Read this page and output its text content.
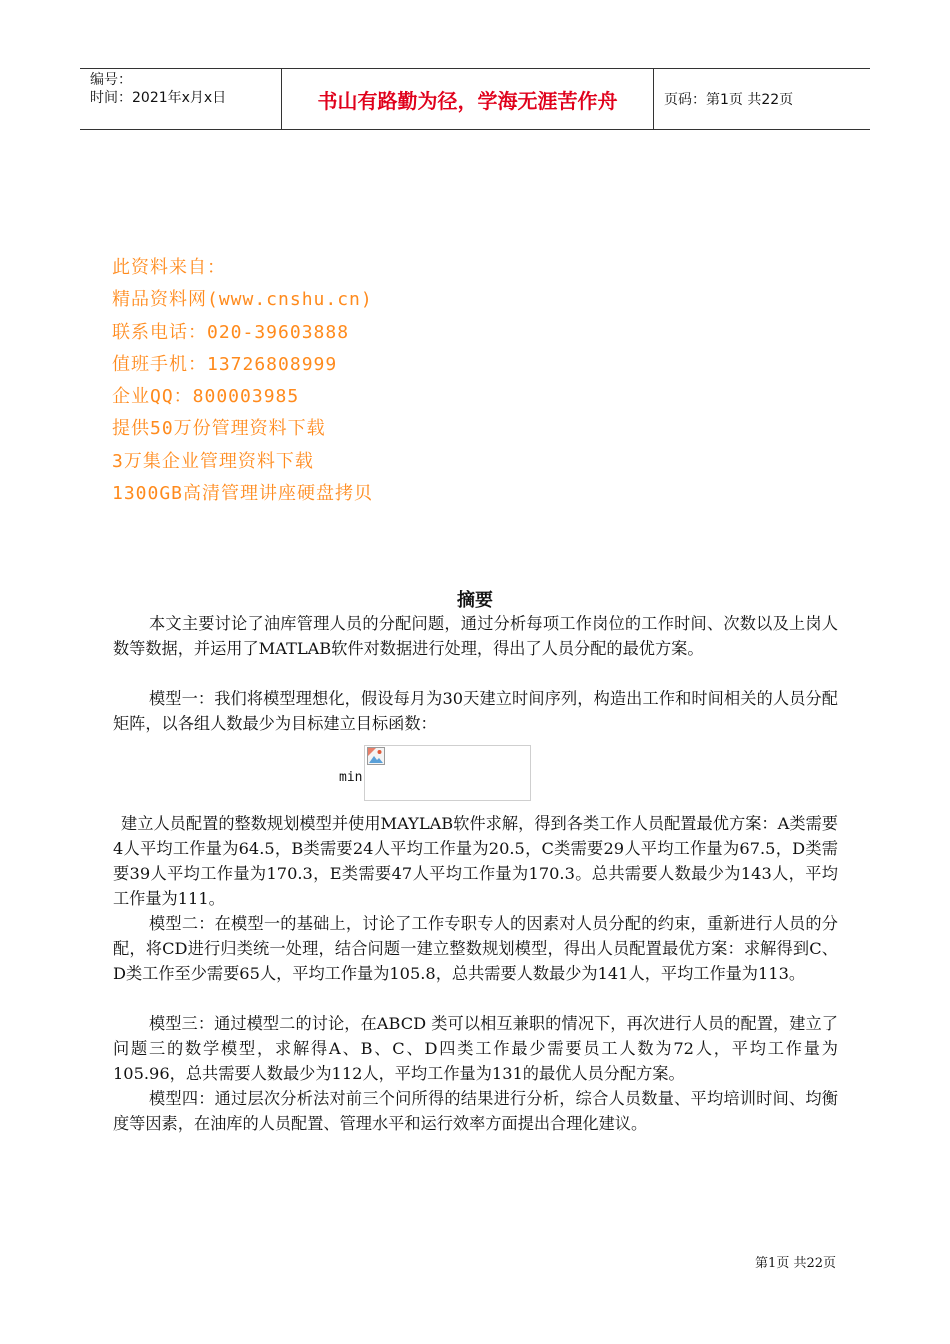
编号：
时间：2021年x月x日	书山有路勤为径，学海无涯苦作舟	页码：第1页 共22页
此资料来自：
精品资料网(www.cnshu.cn)
联系电话：020-39603888
值班手机：13726808999
企业QQ：800003985
提供50万份管理资料下载
3万集企业管理资料下载
1300GB高清管理讲座硬盘拷贝
摘要

本文主要讨论了油库管理人员的分配问题，通过分析每项工作岗位的工作时间、次数以及上岗人数等数据，并运用了MATLAB软件对数据进行处理，得出了人员分配的最优方案。

模型一：我们将模型理想化，假设每月为30天建立时间序列，构造出工作和时间相关的人员分配矩阵，以各组人数最少为目标建立目标函数：

min

建立人员配置的整数规划模型并使用MAYLAB软件求解，得到各类工作人员配置最优方案：A类需要4人平均工作量为64.5，B类需要24人平均工作量为20.5，C类需要29人平均工作量为67.5，D类需要39人平均工作量为170.3，E类需要47人平均工作量为170.3。总共需要人数最少为143人，平均工作量为111。

模型二：在模型一的基础上，讨论了工作专职专人的因素对人员分配的约束，重新进行人员的分配，将CD进行归类统一处理，结合问题一建立整数规划模型，得出人员配置最优方案：求解得到C、D类工作至少需要65人，平均工作量为105.8，总共需要人数最少为141人，平均工作量为113。

模型三：通过模型二的讨论，在ABCD 类可以相互兼职的情况下，再次进行人员的配置，建立了问题三的数学模型，求解得A、B、C、D四类工作最少需要员工人数为72人，平均工作量为105.96，总共需要人数最少为112人，平均工作量为131的最优人员分配方案。

模型四：通过层次分析法对前三个问所得的结果进行分析，综合人员数量、平均培训时间、均衡度等因素，在油库的人员配置、管理水平和运行效率方面提出合理化建议。

第1页 共22页
